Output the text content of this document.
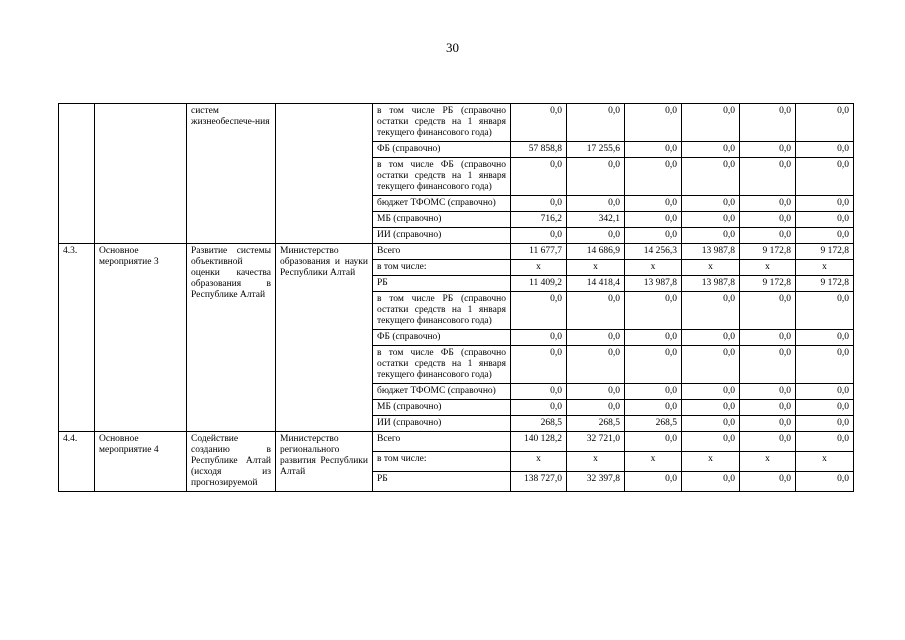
30
		систем жизнеобеспече-ния		в том числе РБ (справочно остатки средств на 1 января текущего финансового года)	0,0	0,0	0,0	0,0	0,0	0,0
				ФБ (справочно)	57 858,8	17 255,6	0,0	0,0	0,0	0,0
				в том числе ФБ (справочно остатки средств на 1 января текущего финансового года)	0,0	0,0	0,0	0,0	0,0	0,0
				бюджет ТФОМС (справочно)	0,0	0,0	0,0	0,0	0,0	0,0
				МБ (справочно)	716,2	342,1	0,0	0,0	0,0	0,0
				ИИ (справочно)	0,0	0,0	0,0	0,0	0,0	0,0
4.3.	Основное мероприятие 3	Развитие системы объективной оценки качества образования в Республике Алтай	Министерство образования и науки Республики Алтай	Всего	11 677,7	14 686,9	14 256,3	13 987,8	9 172,8	9 172,8
				в том числе:	х	х	х	х	х	х
				РБ	11 409,2	14 418,4	13 987,8	13 987,8	9 172,8	9 172,8
				в том числе РБ (справочно остатки средств на 1 января текущего финансового года)	0,0	0,0	0,0	0,0	0,0	0,0
				ФБ (справочно)	0,0	0,0	0,0	0,0	0,0	0,0
				в том числе ФБ (справочно остатки средств на 1 января текущего финансового года)	0,0	0,0	0,0	0,0	0,0	0,0
				бюджет ТФОМС (справочно)	0,0	0,0	0,0	0,0	0,0	0,0
				МБ (справочно)	0,0	0,0	0,0	0,0	0,0	0,0
				ИИ (справочно)	268,5	268,5	268,5	0,0	0,0	0,0
4.4.	Основное мероприятие 4	Содействие созданию в Республике Алтай (исходя из прогнозируемой	Министерство регионального развития Республики Алтай	Всего	140 128,2	32 721,0	0,0	0,0	0,0	0,0
				в том числе:	х	х	х	х	х	х
				РБ	138 727,0	32 397,8	0,0	0,0	0,0	0,0
